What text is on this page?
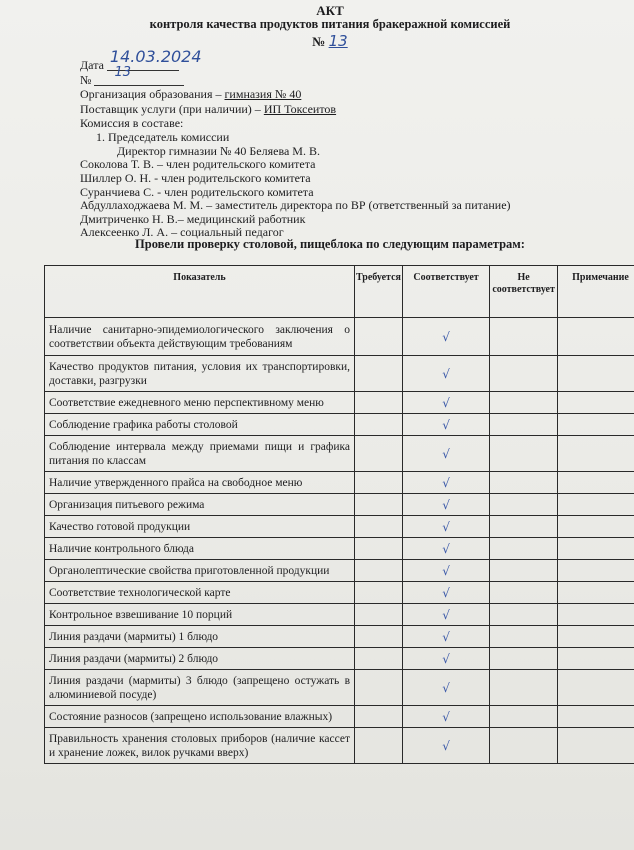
АКТ
контроля качества продуктов питания бракеражной комиссией
№ 13
Дата 14.03.2024
№ 13
Организация образования – гимназия № 40
Поставщик услуги (при наличии) – ИП Токсеитов
Комиссия в составе:
1. Председатель комиссии
Директор гимназии № 40 Беляева М. В.
Соколова Т. В. – член родительского комитета
Шиллер О. Н. - член родительского комитета
Суранчиева С. - член родительского комитета
Абдуллаходжаева М. М. – заместитель директора по ВР (ответственный за питание)
Дмитриченко Н. В.– медицинский работник
Алексеенко Л. А. – социальный педагог
Провели проверку столовой, пищеблока по следующим параметрам:
Показатель	Требуется	Соответствует	Не соответствует	Примечание
Наличие санитарно-эпидемиологического заключения о соответствии объекта действующим требованиям		√		
Качество продуктов питания, условия их транспортировки, доставки, разгрузки		√		
Соответствие ежедневного меню перспективному меню		√		
Соблюдение графика работы столовой		√		
Соблюдение интервала между приемами пищи и графика питания по классам		√		
Наличие утвержденного прайса на свободное меню		√		
Организация питьевого режима		√		
Качество готовой продукции		√		
Наличие контрольного блюда		√		
Органолептические свойства приготовленной продукции		√		
Соответствие технологической карте		√		
Контрольное взвешивание 10 порций		√		
Линия раздачи (мармиты) 1 блюдо		√		
Линия раздачи (мармиты) 2 блюдо		√		
Линия раздачи (мармиты) 3 блюдо (запрещено остужать в алюминиевой посуде)		√		
Состояние разносов (запрещено использование влажных)		√		
Правильность хранения столовых приборов (наличие кассет и хранение ложек, вилок ручками вверх)		√		
